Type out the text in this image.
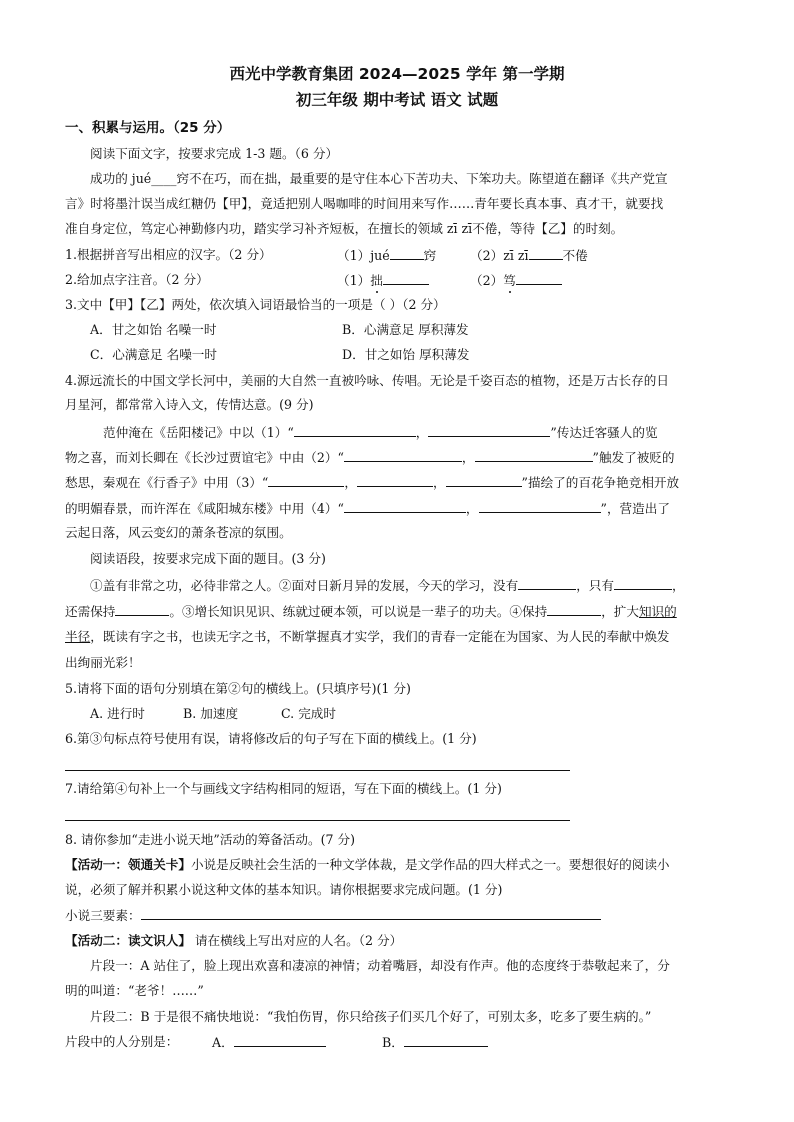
西光中学教育集团 2024—2025 学年 第一学期
初三年级 期中考试 语文 试题
一、积累与运用。（25 分）
阅读下面文字，按要求完成 1-3 题。（6 分）
成功的 jué____窍不在巧，而在拙，最重要的是守住本心下苦功夫、下笨功夫。陈望道在翻译《共产党宣
言》时将墨汁误当成红糖仍【甲】，竟适把别人喝咖啡的时间用来写作……青年要长真本事、真才干，就要找
准自身定位，笃定心神勤修内功，踏实学习补齐短板，在擅长的领域 zī zī不倦，等待【乙】的时刻。
1.根据拼音写出相应的汉字。（2 分）	（1）jué	窍	（2）zī zī	不倦
2.给加点字注音。（2 分）	（1）拙	（2）笃
3.文中【甲】【乙】两处，依次填入词语最恰当的一项是（ ）（2 分）
A．甘之如饴 名噪一时	B．心满意足 厚积薄发
C．心满意足 名噪一时	D．甘之如饴 厚积薄发
4.源远流长的中国文学长河中，美丽的大自然一直被吟咏、传唱。无论是千姿百态的植物，还是万古长存的日
月星河，都常常入诗入文，传情达意。(9 分)
范仲淹在《岳阳楼记》中以（1）“	，	”传达迁客骚人的览
物之喜，而刘长卿在《长沙过贾谊宅》中由（2）“	，	”触发了被贬的
愁思，秦观在《行香子》中用（3）“	，	，	”描绘了的百花争艳竞相开放
的明媚春景，而许浑在《咸阳城东楼》中用（4）“	，	”，营造出了
云起日落，风云变幻的萧条苍凉的氛围。
阅读语段，按要求完成下面的题目。(3 分)
①盖有非常之功，必待非常之人。②面对日新月异的发展，今天的学习，没有	，只有	，
还需保持	。③增长知识见识、练就过硬本领，可以说是一辈子的功夫。④保持	，扩大知识的
半径，既读有字之书，也读无字之书，不断掌握真才实学，我们的青春一定能在为国家、为人民的奉献中焕发
出绚丽光彩！
5.请将下面的语句分别填在第②句的横线上。(只填序号)(1 分)
A. 进行时	B. 加速度	C. 完成时
6.第③句标点符号使用有误，请将修改后的句子写在下面的横线上。(1 分)
7.请给第④句补上一个与画线文字结构相同的短语，写在下面的横线上。(1 分)
8. 请你参加“走进小说天地”活动的筹备活动。(7 分)
【活动一：领通关卡】小说是反映社会生活的一种文学体裁，是文学作品的四大样式之一。要想很好的阅读小
说，必须了解并积累小说这种文体的基本知识。请你根据要求完成问题。(1 分)
小说三要素：
【活动二：读文识人】 请在横线上写出对应的人名。（2 分）
片段一：A 站住了，脸上现出欢喜和凄凉的神情；动着嘴唇，却没有作声。他的态度终于恭敬起来了，分
明的叫道：“老爷！……”
片段二：B 于是很不痛快地说：“我怕伤胃，你只给孩子们买几个好了，可别太多，吃多了要生病的。”
片段中的人分别是：	A．	B．
